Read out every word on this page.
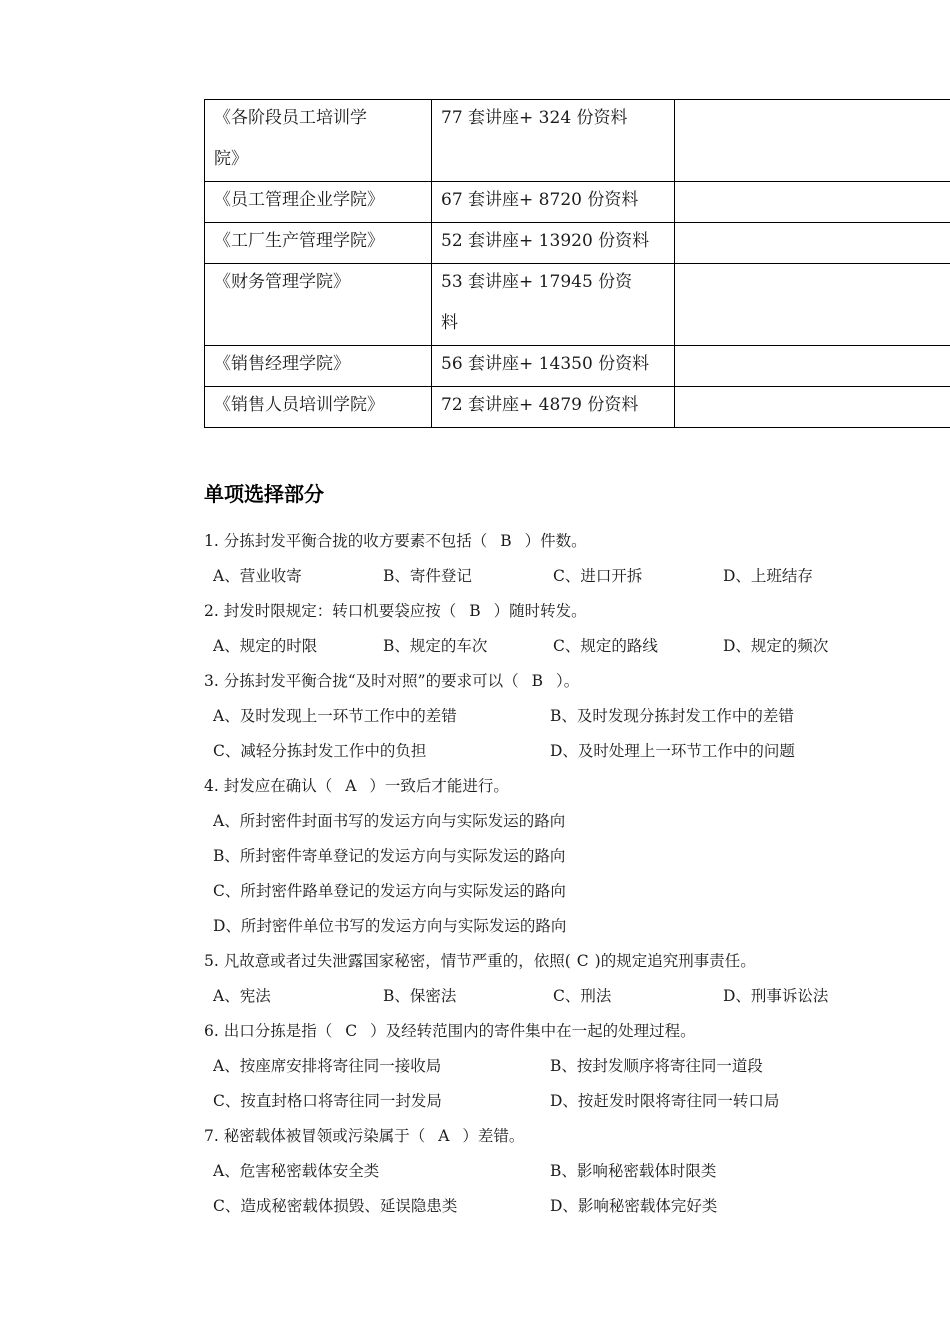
《各阶段员工培训学院》	77 套讲座+ 324 份资料	

《员工管理企业学院》	67 套讲座+ 8720 份资料	

《工厂生产管理学院》	52 套讲座+ 13920 份资料	

《财务管理学院》	53 套讲座+ 17945 份资料	

《销售经理学院》	56 套讲座+ 14350 份资料	

《销售人员培训学院》	72 套讲座+ 4879 份资料	

单项选择部分
1. 分拣封发平衡合拢的收方要素不包括（ B ）件数。
A、营业收寄	B、寄件登记	C、进口开拆	D、上班结存
2. 封发时限规定：转口机要袋应按（ B ）随时转发。
A、规定的时限	B、规定的车次	C、规定的路线	D、规定的频次
3. 分拣封发平衡合拢“及时对照”的要求可以（ B ）。
A、及时发现上一环节工作中的差错	B、及时发现分拣封发工作中的差错
C、减轻分拣封发工作中的负担	D、及时处理上一环节工作中的问题
4. 封发应在确认（ A ）一致后才能进行。
A、所封密件封面书写的发运方向与实际发运的路向
B、所封密件寄单登记的发运方向与实际发运的路向
C、所封密件路单登记的发运方向与实际发运的路向
D、所封密件单位书写的发运方向与实际发运的路向
5. 凡故意或者过失泄露国家秘密，情节严重的，依照( C )的规定追究刑事责任。
A、宪法	B、保密法	C、刑法	D、刑事诉讼法
6. 出口分拣是指（ C ）及经转范围内的寄件集中在一起的处理过程。
A、按座席安排将寄往同一接收局	B、按封发顺序将寄往同一道段
C、按直封格口将寄往同一封发局	D、按赶发时限将寄往同一转口局
7. 秘密载体被冒领或污染属于（ A ）差错。
A、危害秘密载体安全类	B、影响秘密载体时限类
C、造成秘密载体损毁、延误隐患类	D、影响秘密载体完好类
